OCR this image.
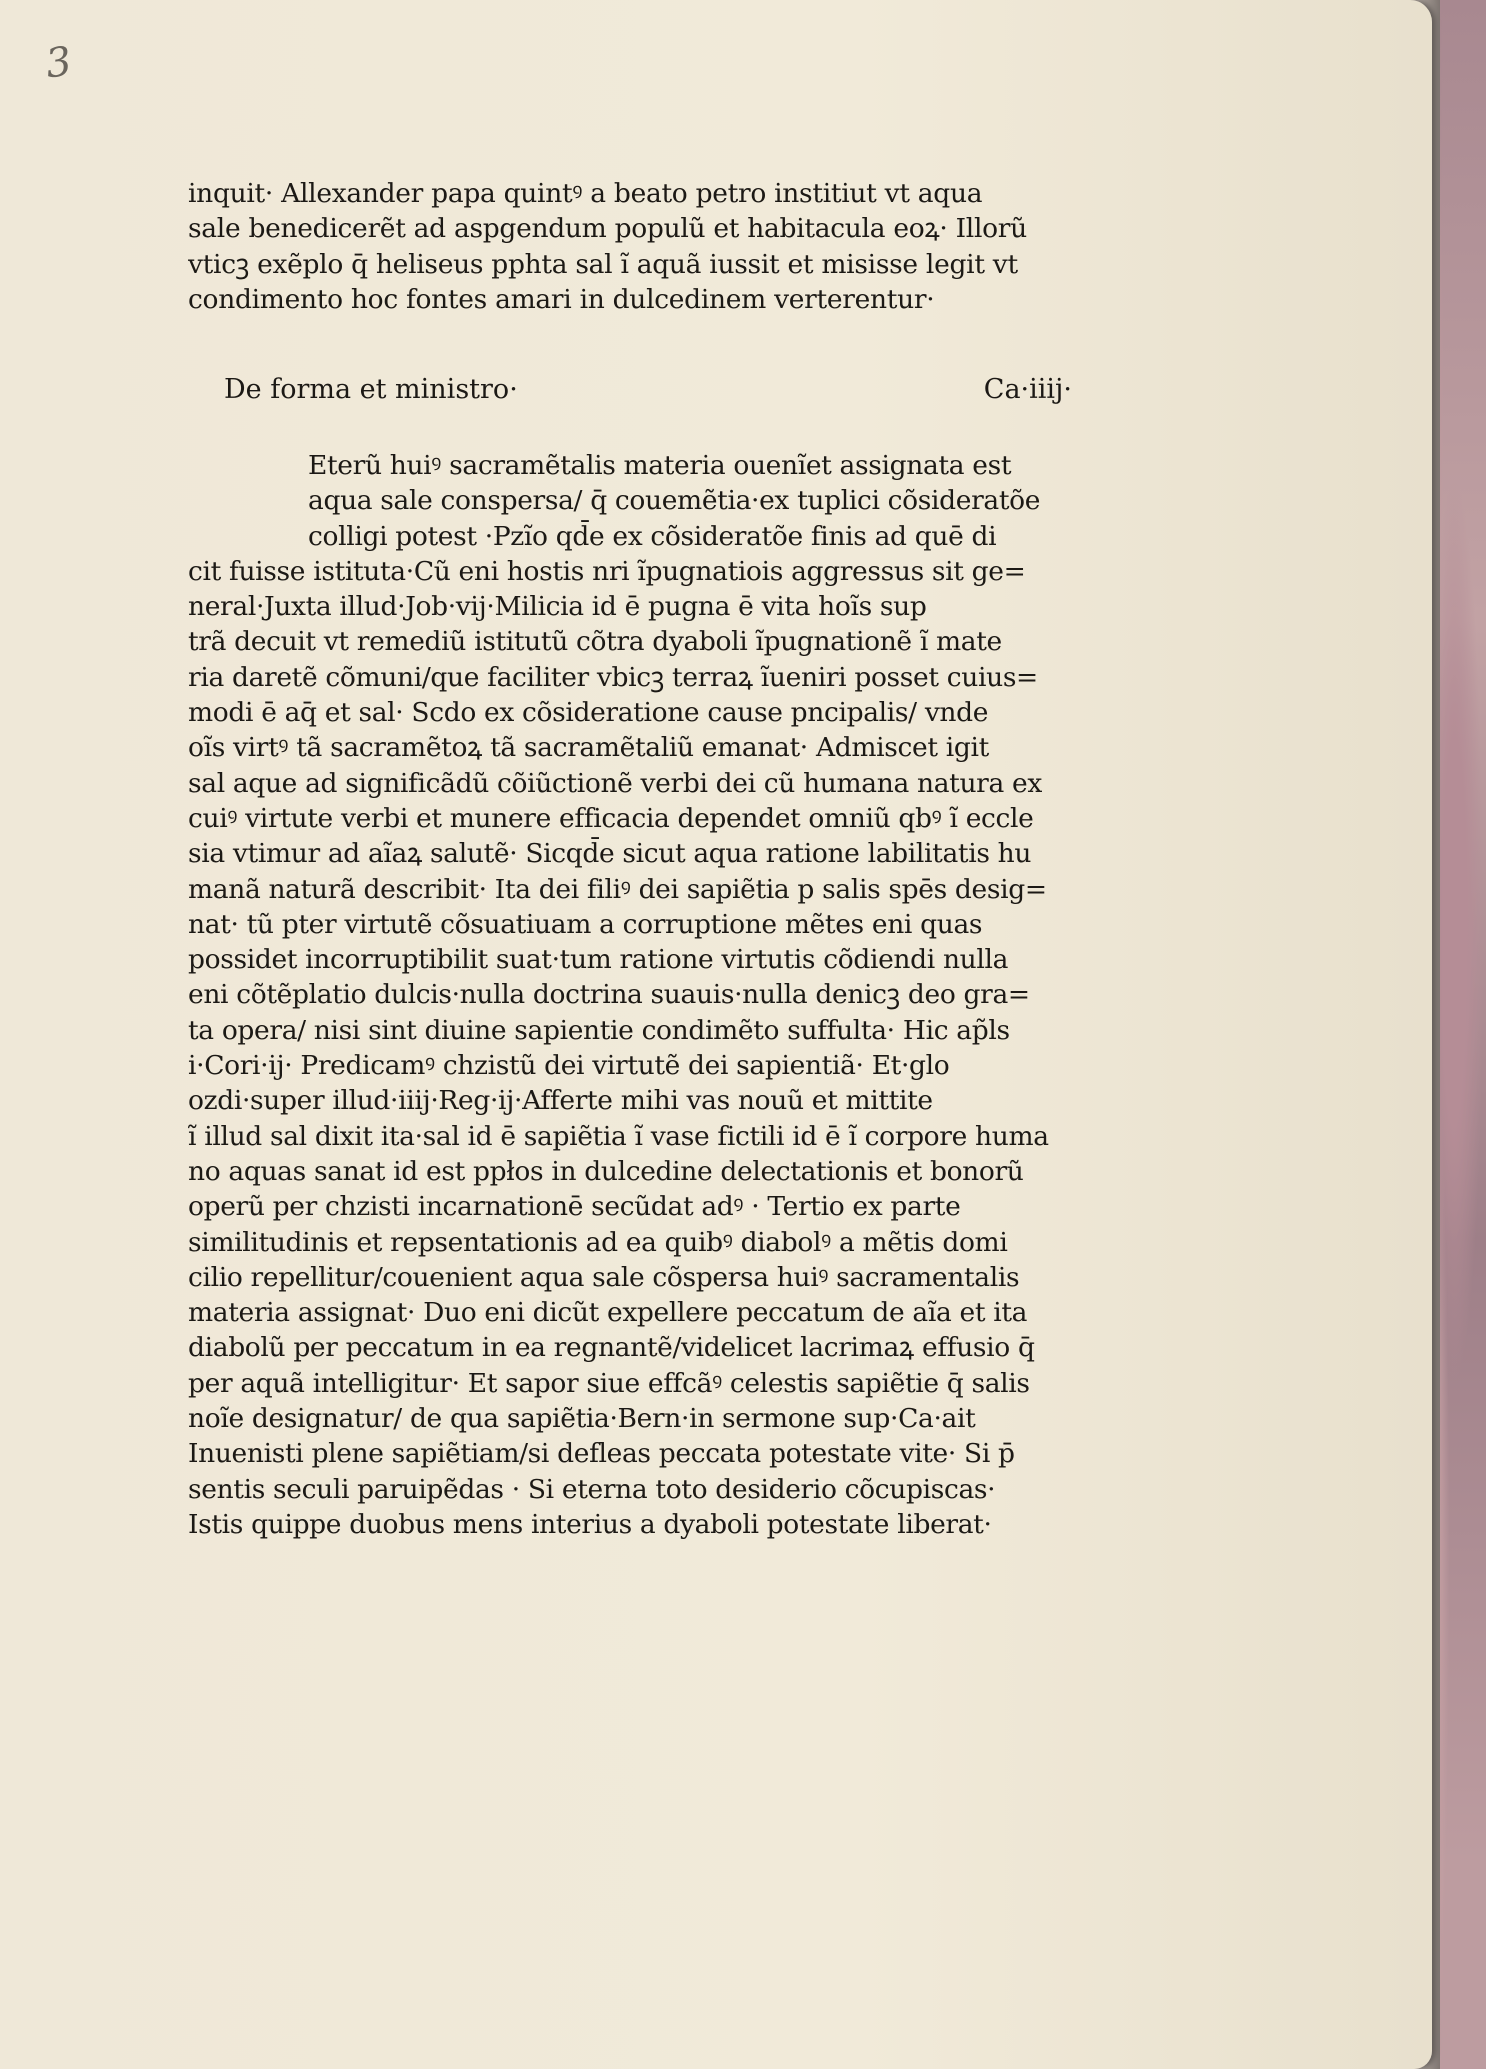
3
inquit· Allexander papa quintꝰ a beato petro institiut vt aqua
sale benedicerẽt ad aspgendum populũ et habitacula eoꝝ· Illorũ
vticꝫ exẽplo q̄ heliseus pphta sal ĩ aquã iussit et misisse legit vt
condimento hoc fontes amari in dulcedinem verterentur·
De forma et ministro·	Ca·iiij·
Eterũ huiꝰ sacramẽtalis materia ouenĩet assignata est
aqua sale conspersa/ q̄ couemẽtia·ex tuplici cõsideratõe
colligi potest ·Pzĩo qd̄e ex cõsideratõe finis ad quē di
cit fuisse istituta·Cũ eni hostis nri ĩpugnatiois aggressus sit ge=
neral·Juxta illud·Job·vij·Milicia id ē pugna ē vita hoĩs sup
trã decuit vt remediũ istitutũ cõtra dyaboli ĩpugnationẽ ĩ mate
ria daretẽ cõmuni/que faciliter vbicꝫ terraꝝ ĩueniri posset cuius=
modi ē aq̄ et sal· Scdo ex cõsideratione cause pncipalis/ vnde
oĩs virtꝰ tã sacramẽtoꝝ tã sacramẽtaliũ emanat· Admiscet igit
sal aque ad significãdũ cõiũctionẽ verbi dei cũ humana natura ex
cuiꝰ virtute verbi et munere efficacia dependet omniũ qbꝰ ĩ eccle
sia vtimur ad aĩaꝝ salutẽ· Sicqd̄e sicut aqua ratione labilitatis hu
manã naturã describit· Ita dei filiꝰ dei sapiẽtia p salis spēs desig=
nat· tũ pter virtutẽ cõsuatiuam a corruptione mẽtes eni quas
possidet incorruptibilit suat·tum ratione virtutis cõdiendi nulla
eni cõtẽplatio dulcis·nulla doctrina suauis·nulla denicꝫ deo gra=
ta opera/ nisi sint diuine sapientie condimẽto suffulta· Hic ap̃ls
i·Cori·ij· Predicamꝰ chzistũ dei virtutẽ dei sapientiã· Et·glo
ozdi·super illud·iiij·Reg·ij·Afferte mihi vas nouũ et mittite
ĩ illud sal dixit ita·sal id ē sapiẽtia ĩ vase fictili id ē ĩ corpore huma
no aquas sanat id est ppłos in dulcedine delectationis et bonorũ
operũ per chzisti incarnationē secũdat adꝰ · Tertio ex parte
similitudinis et repsentationis ad ea quibꝰ diabolꝰ a mẽtis domi
cilio repellitur/couenient aqua sale cõspersa huiꝰ sacramentalis
materia assignat· Duo eni dicũt expellere peccatum de aĩa et ita
diabolũ per peccatum in ea regnantẽ/videlicet lacrimaꝝ effusio q̄
per aquã intelligitur· Et sapor siue effcãꝰ celestis sapiẽtie q̄ salis
noĩe designatur/ de qua sapiẽtia·Bern·in sermone sup·Ca·ait
Inuenisti plene sapiẽtiam/si defleas peccata potestate vite· Si p̄
sentis seculi paruipẽdas · Si eterna toto desiderio cõcupiscas·
Istis quippe duobus mens interius a dyaboli potestate liberat·
